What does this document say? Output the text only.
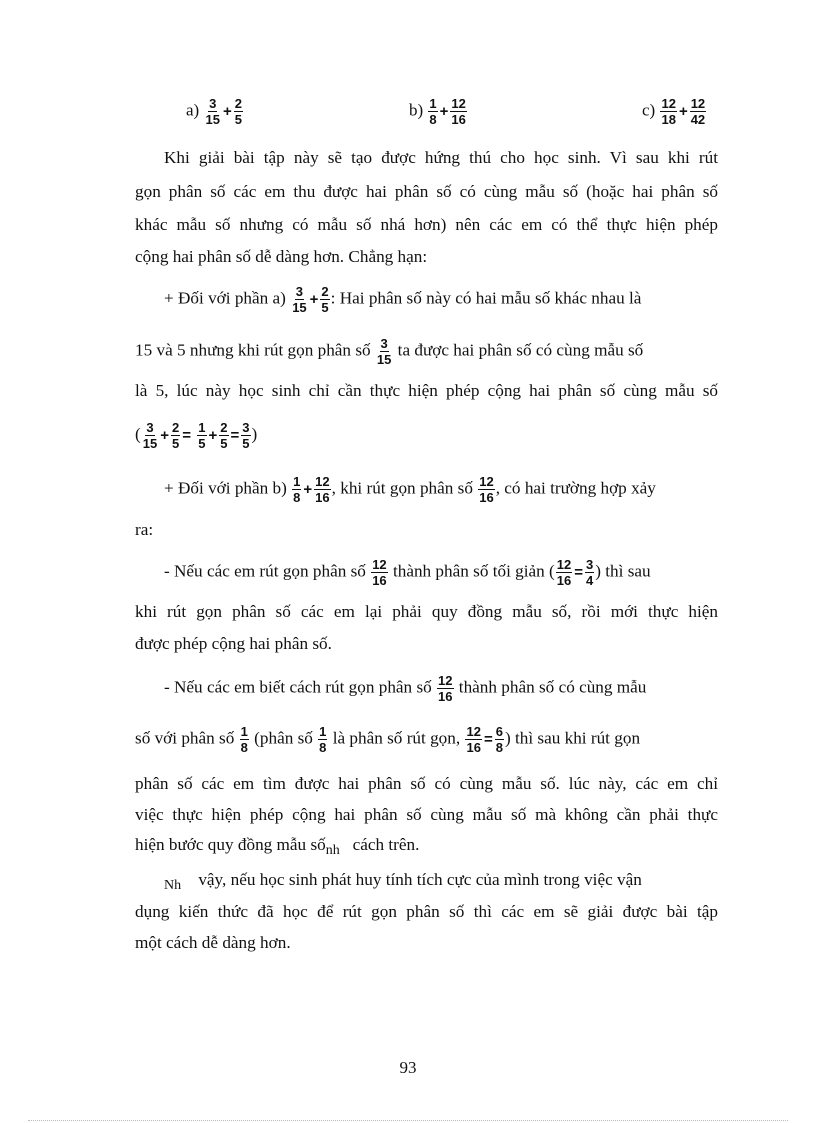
$a) \frac{3}{15} + \frac{2}{5}$	$b) \frac{1}{8} + \frac{12}{16}$	$c) \frac{12}{18} + \frac{12}{42}$
Khi giải bài tập này sẽ tạo được hứng thú cho học sinh. Vì sau khi rút
gọn phân số các em thu được hai phân số có cùng mẫu số (hoặc hai phân số
khác mẫu số nhưng có mẫu số nhá hơn) nên các em có thể thực hiện phép
cộng hai phân số dễ dàng hơn. Chẳng hạn:
+ Đối với phần $a) \frac{3}{15} + \frac{2}{5}$ : Hai phân số này có hai mẫu số khác nhau là
15 và 5 nhưng khi rút gọn phân số $\frac{3}{15}$ ta được hai phân số có cùng mẫu số
là 5, lúc này học sinh chỉ cần thực hiện phép cộng hai phân số cùng mẫu số
( $\frac{3}{15} + \frac{2}{5} = \frac{1}{5} + \frac{2}{5} = \frac{3}{5}$ )
+ Đối với phần $b) \frac{1}{8} + \frac{12}{16}$ , khi rút gọn phân số $\frac{12}{16}$ , có hai trường hợp xảy
ra:
- Nếu các em rút gọn phân số $\frac{12}{16}$ thành phân số tối giản ( $\frac{12}{16} = \frac{3}{4}$ ) thì sau
khi rút gọn phân số các em lại phải quy đồng mẫu số, rồi mới thực hiện
được phép cộng hai phân số.
- Nếu các em biết cách rút gọn phân số $\frac{12}{16}$ thành phân số có cùng mẫu
số với phân số $\frac{1}{8}$ (phân số $\frac{1}{8}$ là phân số rút gọn, $\frac{12}{16} = \frac{6}{8}$ ) thì sau khi rút gọn
phân số các em tìm được hai phân số có cùng mẫu số. lúc này, các em chỉ
việc thực hiện phép cộng hai phân số cùng mẫu số mà không cần phải thực
hiện bước quy đồng mẫu số$_{nh}$ cách trên.
$_{Nh}$ vậy, nếu học sinh phát huy tính tích cực của mình trong việc vận
dụng kiến thức đã học để rút gọn phân số thì các em sẽ giải được bài tập
một cách dễ dàng hơn.
93
